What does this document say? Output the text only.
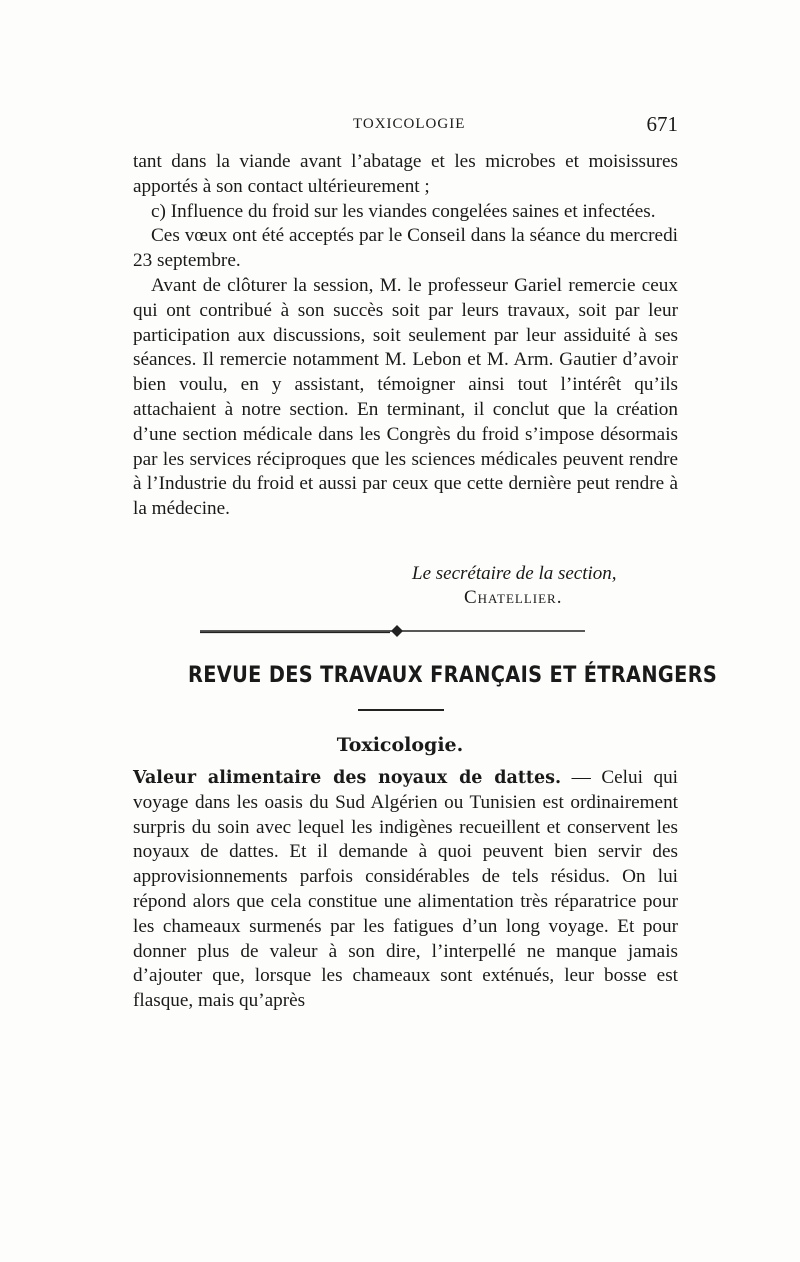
TOXICOLOGIE	671

tant dans la viande avant l’abatage et les microbes et moisissures apportés à son contact ultérieurement ;

c) Influence du froid sur les viandes congelées saines et infectées.

Ces vœux ont été acceptés par le Conseil dans la séance du mercredi 23 septembre.

Avant de clôturer la session, M. le professeur Gariel remercie ceux qui ont contribué à son succès soit par leurs travaux, soit par leur participation aux discussions, soit seulement par leur assiduité à ses séances. Il remercie notamment M. Lebon et M. Arm. Gautier d’avoir bien voulu, en y assistant, témoigner ainsi tout l’intérêt qu’ils attachaient à notre section. En terminant, il conclut que la création d’une section médicale dans les Congrès du froid s’impose désormais par les services réciproques que les sciences médicales peuvent rendre à l’Industrie du froid et aussi par ceux que cette dernière peut rendre à la médecine.

Le secrétaire de la section,
Chatellier.
REVUE DES TRAVAUX FRANÇAIS ET ÉTRANGERS
Toxicologie.

Valeur alimentaire des noyaux de dattes. — Celui qui voyage dans les oasis du Sud Algérien ou Tunisien est ordinairement surpris du soin avec lequel les indigènes recueillent et conservent les noyaux de dattes. Et il demande à quoi peuvent bien servir des approvisionnements parfois considérables de tels résidus. On lui répond alors que cela constitue une alimentation très réparatrice pour les chameaux surmenés par les fatigues d’un long voyage. Et pour donner plus de valeur à son dire, l’interpellé ne manque jamais d’ajouter que, lorsque les chameaux sont exténués, leur bosse est flasque, mais qu’après
